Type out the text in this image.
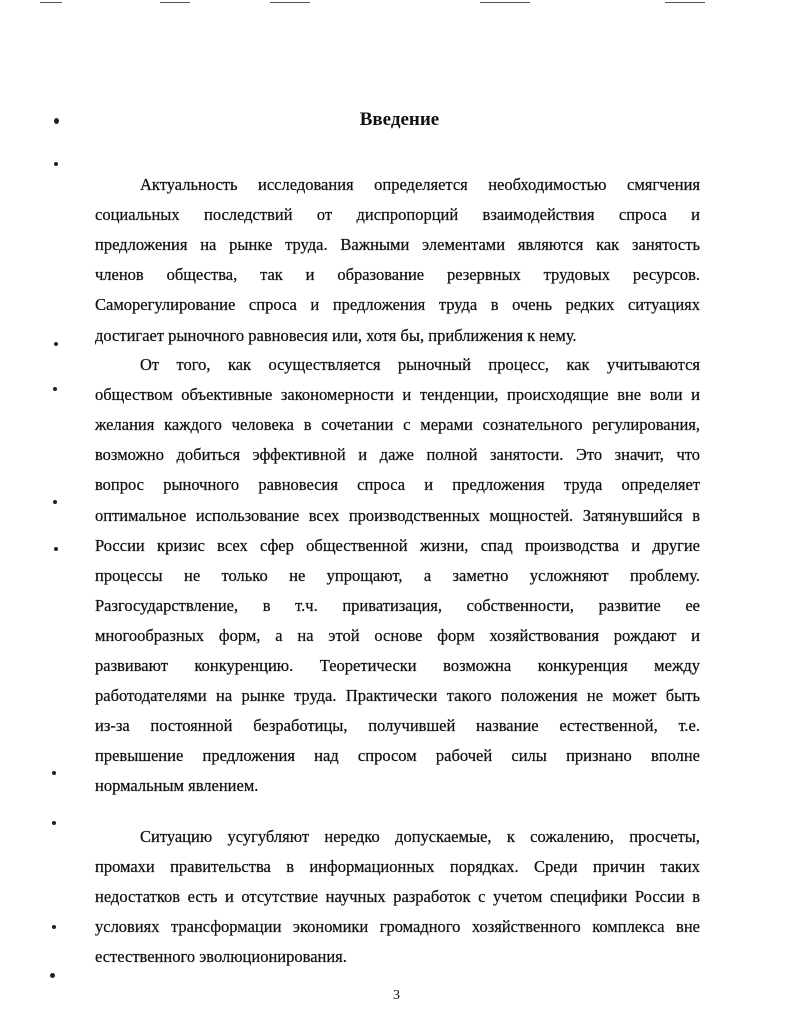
Введение
Актуальность исследования определяется необходимостью смягчения
социальных последствий от диспропорций взаимодействия спроса и
предложения на рынке труда. Важными элементами являются как занятость
членов общества, так и образование резервных трудовых ресурсов.
Саморегулирование спроса и предложения труда в очень редких ситуациях
достигает рыночного равновесия или, хотя бы, приближения к нему.
От того, как осуществляется рыночный процесс, как учитываются
обществом объективные закономерности и тенденции, происходящие вне воли и
желания каждого человека в сочетании с мерами сознательного регулирования,
возможно добиться эффективной и даже полной занятости. Это значит, что
вопрос рыночного равновесия спроса и предложения труда определяет
оптимальное использование всех производственных мощностей. Затянувшийся в
России кризис всех сфер общественной жизни, спад производства и другие
процессы не только не упрощают, а заметно усложняют проблему.
Разгосударствление, в т.ч. приватизация, собственности, развитие ее
многообразных форм, а на этой основе форм хозяйствования рождают и
развивают конкуренцию. Теоретически возможна конкуренция между
работодателями на рынке труда. Практически такого положения не может быть
из-за постоянной безработицы, получившей название естественной, т.е.
превышение предложения над спросом рабочей силы признано вполне
нормальным явлением.
Ситуацию усугубляют нередко допускаемые, к сожалению, просчеты,
промахи правительства в информационных порядках. Среди причин таких
недостатков есть и отсутствие научных разработок с учетом специфики России в
условиях трансформации экономики громадного хозяйственного комплекса вне
естественного эволюционирования.
3
